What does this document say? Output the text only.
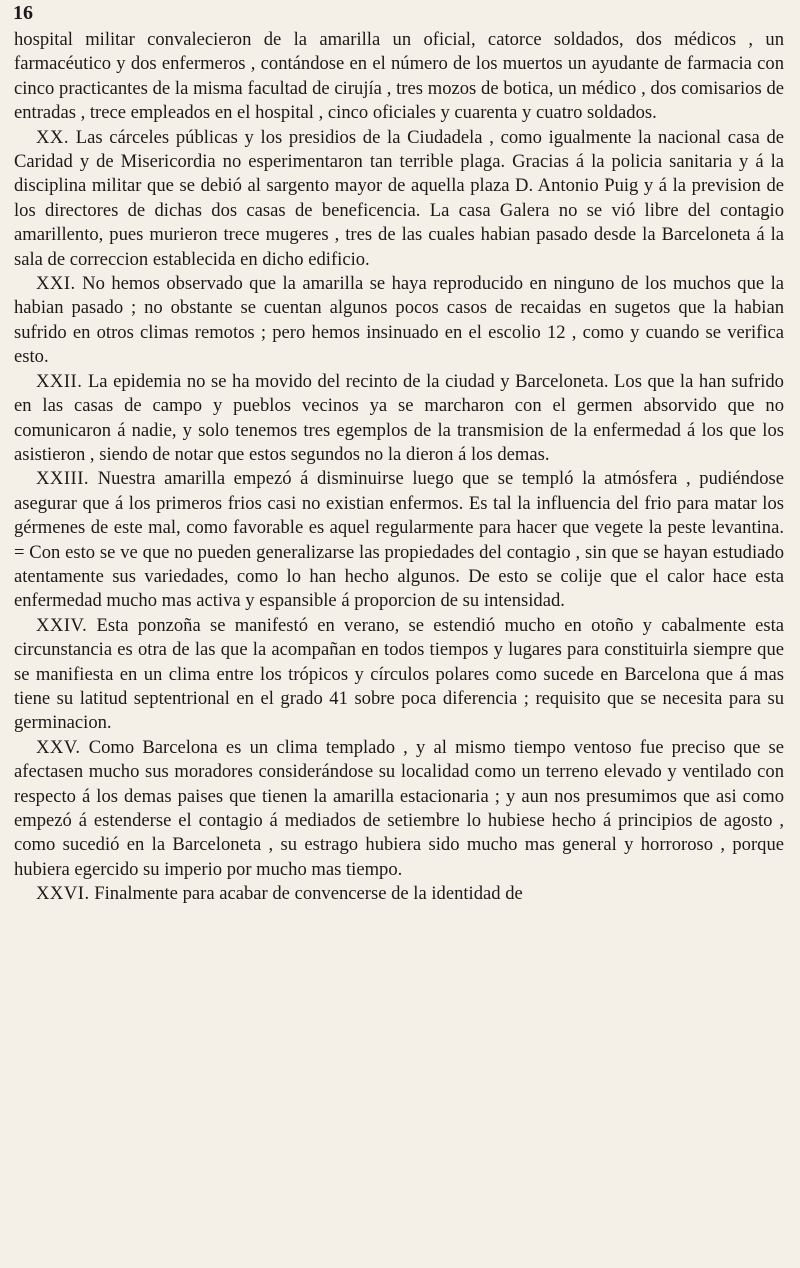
16

hospital militar convalecieron de la amarilla un oficial, catorce soldados, dos médicos , un farmacéutico y dos enfermeros , contándose en el número de los muertos un ayudante de farmacia con cinco practicantes de la misma facultad de cirujía , tres mozos de botica, un médico , dos comisarios de entradas , trece empleados en el hospital , cinco oficiales y cuarenta y cuatro soldados.

XX. Las cárceles públicas y los presidios de la Ciudadela , como igualmente la nacional casa de Caridad y de Misericordia no esperimentaron tan terrible plaga. Gracias á la policia sanitaria y á la disciplina militar que se debió al sargento mayor de aquella plaza D. Antonio Puig y á la prevision de los directores de dichas dos casas de beneficencia. La casa Galera no se vió libre del contagio amarillento, pues murieron trece mugeres , tres de las cuales habian pasado desde la Barceloneta á la sala de correccion establecida en dicho edificio.

XXI. No hemos observado que la amarilla se haya reproducido en ninguno de los muchos que la habian pasado ; no obstante se cuentan algunos pocos casos de recaidas en sugetos que la habian sufrido en otros climas remotos ; pero hemos insinuado en el escolio 12 , como y cuando se verifica esto.

XXII. La epidemia no se ha movido del recinto de la ciudad y Barceloneta. Los que la han sufrido en las casas de campo y pueblos vecinos ya se marcharon con el germen absorvido que no comunicaron á nadie, y solo tenemos tres egemplos de la transmision de la enfermedad á los que los asistieron , siendo de notar que estos segundos no la dieron á los demas.

XXIII. Nuestra amarilla empezó á disminuirse luego que se templó la atmósfera , pudiéndose asegurar que á los primeros frios casi no existian enfermos. Es tal la influencia del frio para matar los gérmenes de este mal, como favorable es aquel regularmente para hacer que vegete la peste levantina. = Con esto se ve que no pueden generalizarse las propiedades del contagio , sin que se hayan estudiado atentamente sus variedades, como lo han hecho algunos. De esto se colije que el calor hace esta enfermedad mucho mas activa y espansible á proporcion de su intensidad.

XXIV. Esta ponzoña se manifestó en verano, se estendió mucho en otoño y cabalmente esta circunstancia es otra de las que la acompañan en todos tiempos y lugares para constituirla siempre que se manifiesta en un clima entre los trópicos y círculos polares como sucede en Barcelona que á mas tiene su latitud septentrional en el grado 41 sobre poca diferencia ; requisito que se necesita para su germinacion.

XXV. Como Barcelona es un clima templado , y al mismo tiempo ventoso fue preciso que se afectasen mucho sus moradores considerándose su localidad como un terreno elevado y ventilado con respecto á los demas paises que tienen la amarilla estacionaria ; y aun nos presumimos que asi como empezó á estenderse el contagio á mediados de setiembre lo hubiese hecho á principios de agosto , como sucedió en la Barceloneta , su estrago hubiera sido mucho mas general y horroroso , porque hubiera egercido su imperio por mucho mas tiempo.

XXVI. Finalmente para acabar de convencerse de la identidad de
